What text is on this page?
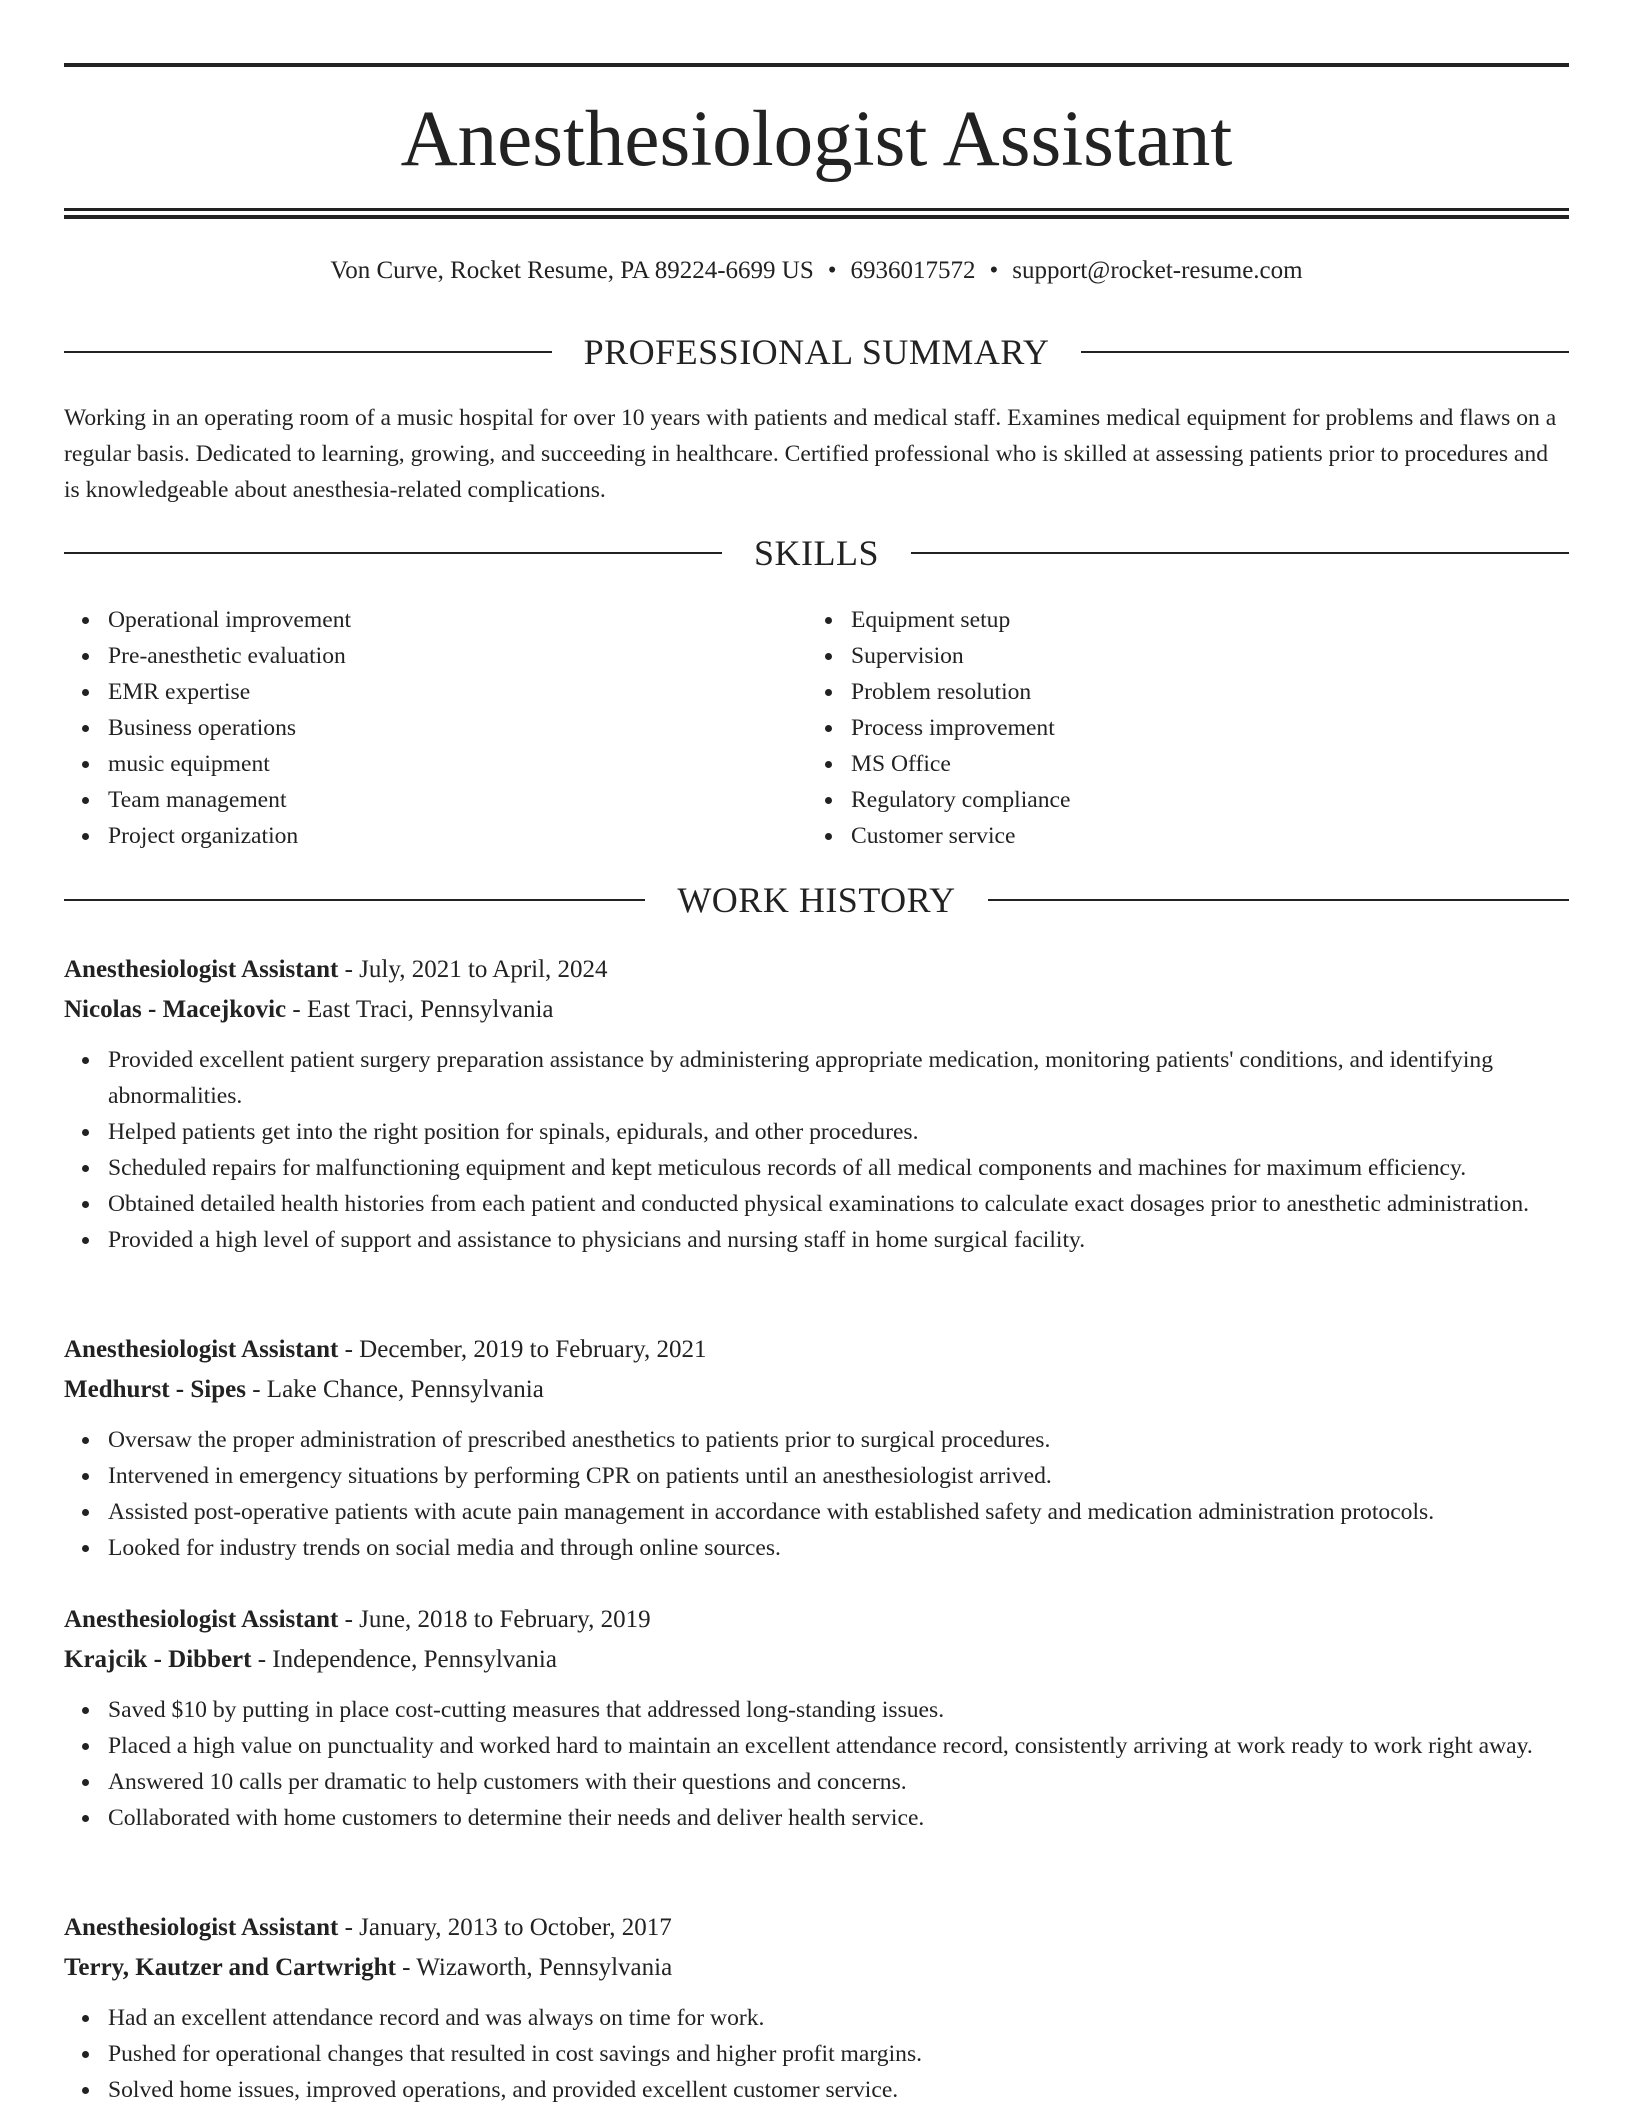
Anesthesiologist Assistant
Von Curve, Rocket Resume, PA 89224-6699 US • 6936017572 • support@rocket-resume.com
PROFESSIONAL SUMMARY

Working in an operating room of a music hospital for over 10 years with patients and medical staff. Examines medical equipment for problems and flaws on a regular basis. Dedicated to learning, growing, and succeeding in healthcare. Certified professional who is skilled at assessing patients prior to procedures and is knowledgeable about anesthesia-related complications.

SKILLS
Operational improvement
Pre-anesthetic evaluation
EMR expertise
Business operations
music equipment
Team management
Project organization
Equipment setup
Supervision
Problem resolution
Process improvement
MS Office
Regulatory compliance
Customer service
WORK HISTORY
Anesthesiologist Assistant - July, 2021 to April, 2024
Nicolas - Macejkovic - East Traci, Pennsylvania
Provided excellent patient surgery preparation assistance by administering appropriate medication, monitoring patients' conditions, and identifying abnormalities.
Helped patients get into the right position for spinals, epidurals, and other procedures.
Scheduled repairs for malfunctioning equipment and kept meticulous records of all medical components and machines for maximum efficiency.
Obtained detailed health histories from each patient and conducted physical examinations to calculate exact dosages prior to anesthetic administration.
Provided a high level of support and assistance to physicians and nursing staff in home surgical facility.
Anesthesiologist Assistant - December, 2019 to February, 2021
Medhurst - Sipes - Lake Chance, Pennsylvania
Oversaw the proper administration of prescribed anesthetics to patients prior to surgical procedures.
Intervened in emergency situations by performing CPR on patients until an anesthesiologist arrived.
Assisted post-operative patients with acute pain management in accordance with established safety and medication administration protocols.
Looked for industry trends on social media and through online sources.
Anesthesiologist Assistant - June, 2018 to February, 2019
Krajcik - Dibbert - Independence, Pennsylvania
Saved $10 by putting in place cost-cutting measures that addressed long-standing issues.
Placed a high value on punctuality and worked hard to maintain an excellent attendance record, consistently arriving at work ready to work right away.
Answered 10 calls per dramatic to help customers with their questions and concerns.
Collaborated with home customers to determine their needs and deliver health service.
Anesthesiologist Assistant - January, 2013 to October, 2017
Terry, Kautzer and Cartwright - Wizaworth, Pennsylvania
Had an excellent attendance record and was always on time for work.
Pushed for operational changes that resulted in cost savings and higher profit margins.
Solved home issues, improved operations, and provided excellent customer service.
